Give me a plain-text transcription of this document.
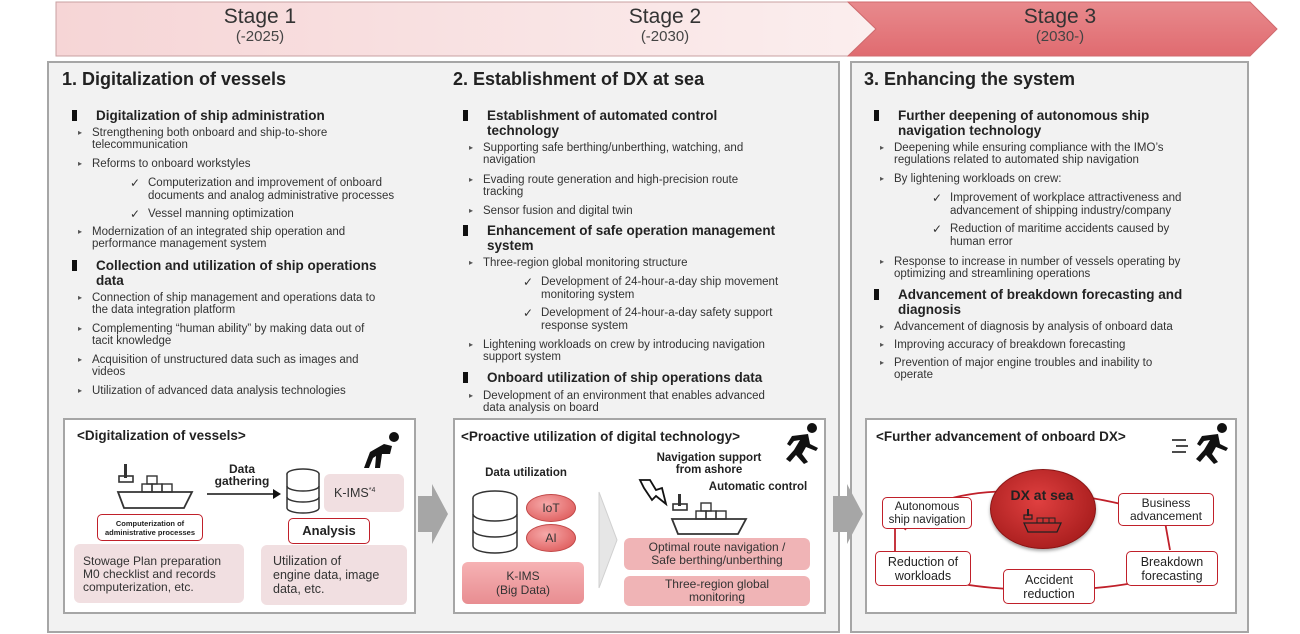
Stage 1
(-2025)
Stage 2
(-2030)
Stage 3
(2030-)
1. Digitalization of vessels
Digitalization of ship administration
▸ Strengthening both onboard and ship-to-shore
telecommunication
▸ Reforms to onboard workstyles
✓ Computerization and improvement of onboard
documents and analog administrative processes
✓ Vessel manning optimization
▸ Modernization of an integrated ship operation and
performance management system
Collection and utilization of ship operations
data
▸ Connection of ship management and operations data to
the data integration platform
▸ Complementing “human ability” by making data out of
tacit knowledge
▸ Acquisition of unstructured data such as images and
videos
▸ Utilization of advanced data analysis technologies
2. Establishment of DX at sea
Establishment of automated control
technology
▸ Supporting safe berthing/unberthing, watching, and
navigation
▸ Evading route generation and high-precision route
tracking
▸ Sensor fusion and digital twin
Enhancement of safe operation management
system
▸ Three-region global monitoring structure
✓ Development of 24-hour-a-day ship movement
monitoring system
✓ Development of 24-hour-a-day safety support
response system
▸ Lightening workloads on crew by introducing navigation
support system
Onboard utilization of ship operations data
▸ Development of an environment that enables advanced
data analysis on board
3. Enhancing the system
Further deepening of autonomous ship
navigation technology
▸ Deepening while ensuring compliance with the IMO’s
regulations related to automated ship navigation
▸ By lightening workloads on crew:
✓ Improvement of workplace attractiveness and
advancement of shipping industry/company
✓ Reduction of maritime accidents caused by
human error
▸ Response to increase in number of vessels operating by
optimizing and streamlining operations
Advancement of breakdown forecasting and
diagnosis
▸ Advancement of diagnosis by analysis of onboard data
▸ Improving accuracy of breakdown forecasting
▸ Prevention of major engine troubles and inability to
operate
<Digitalization of vessels>
Computerization of
administrative processes
Data
gathering
K-IMS$^{*4}$
Analysis
Stowage Plan preparation
M0 checklist and records
computerization, etc.
Utilization of
engine data, image
data, etc.
<Proactive utilization of digital technology>
Data utilization
IoT
AI
K-IMS
(Big Data)
Navigation support
from ashore
Automatic control
Optimal route navigation /
Safe berthing/unberthing
Three-region global
monitoring
<Further advancement of onboard DX>
DX at sea
Autonomous
ship navigation
Business
advancement
Reduction of
workloads
Breakdown
forecasting
Accident
reduction
